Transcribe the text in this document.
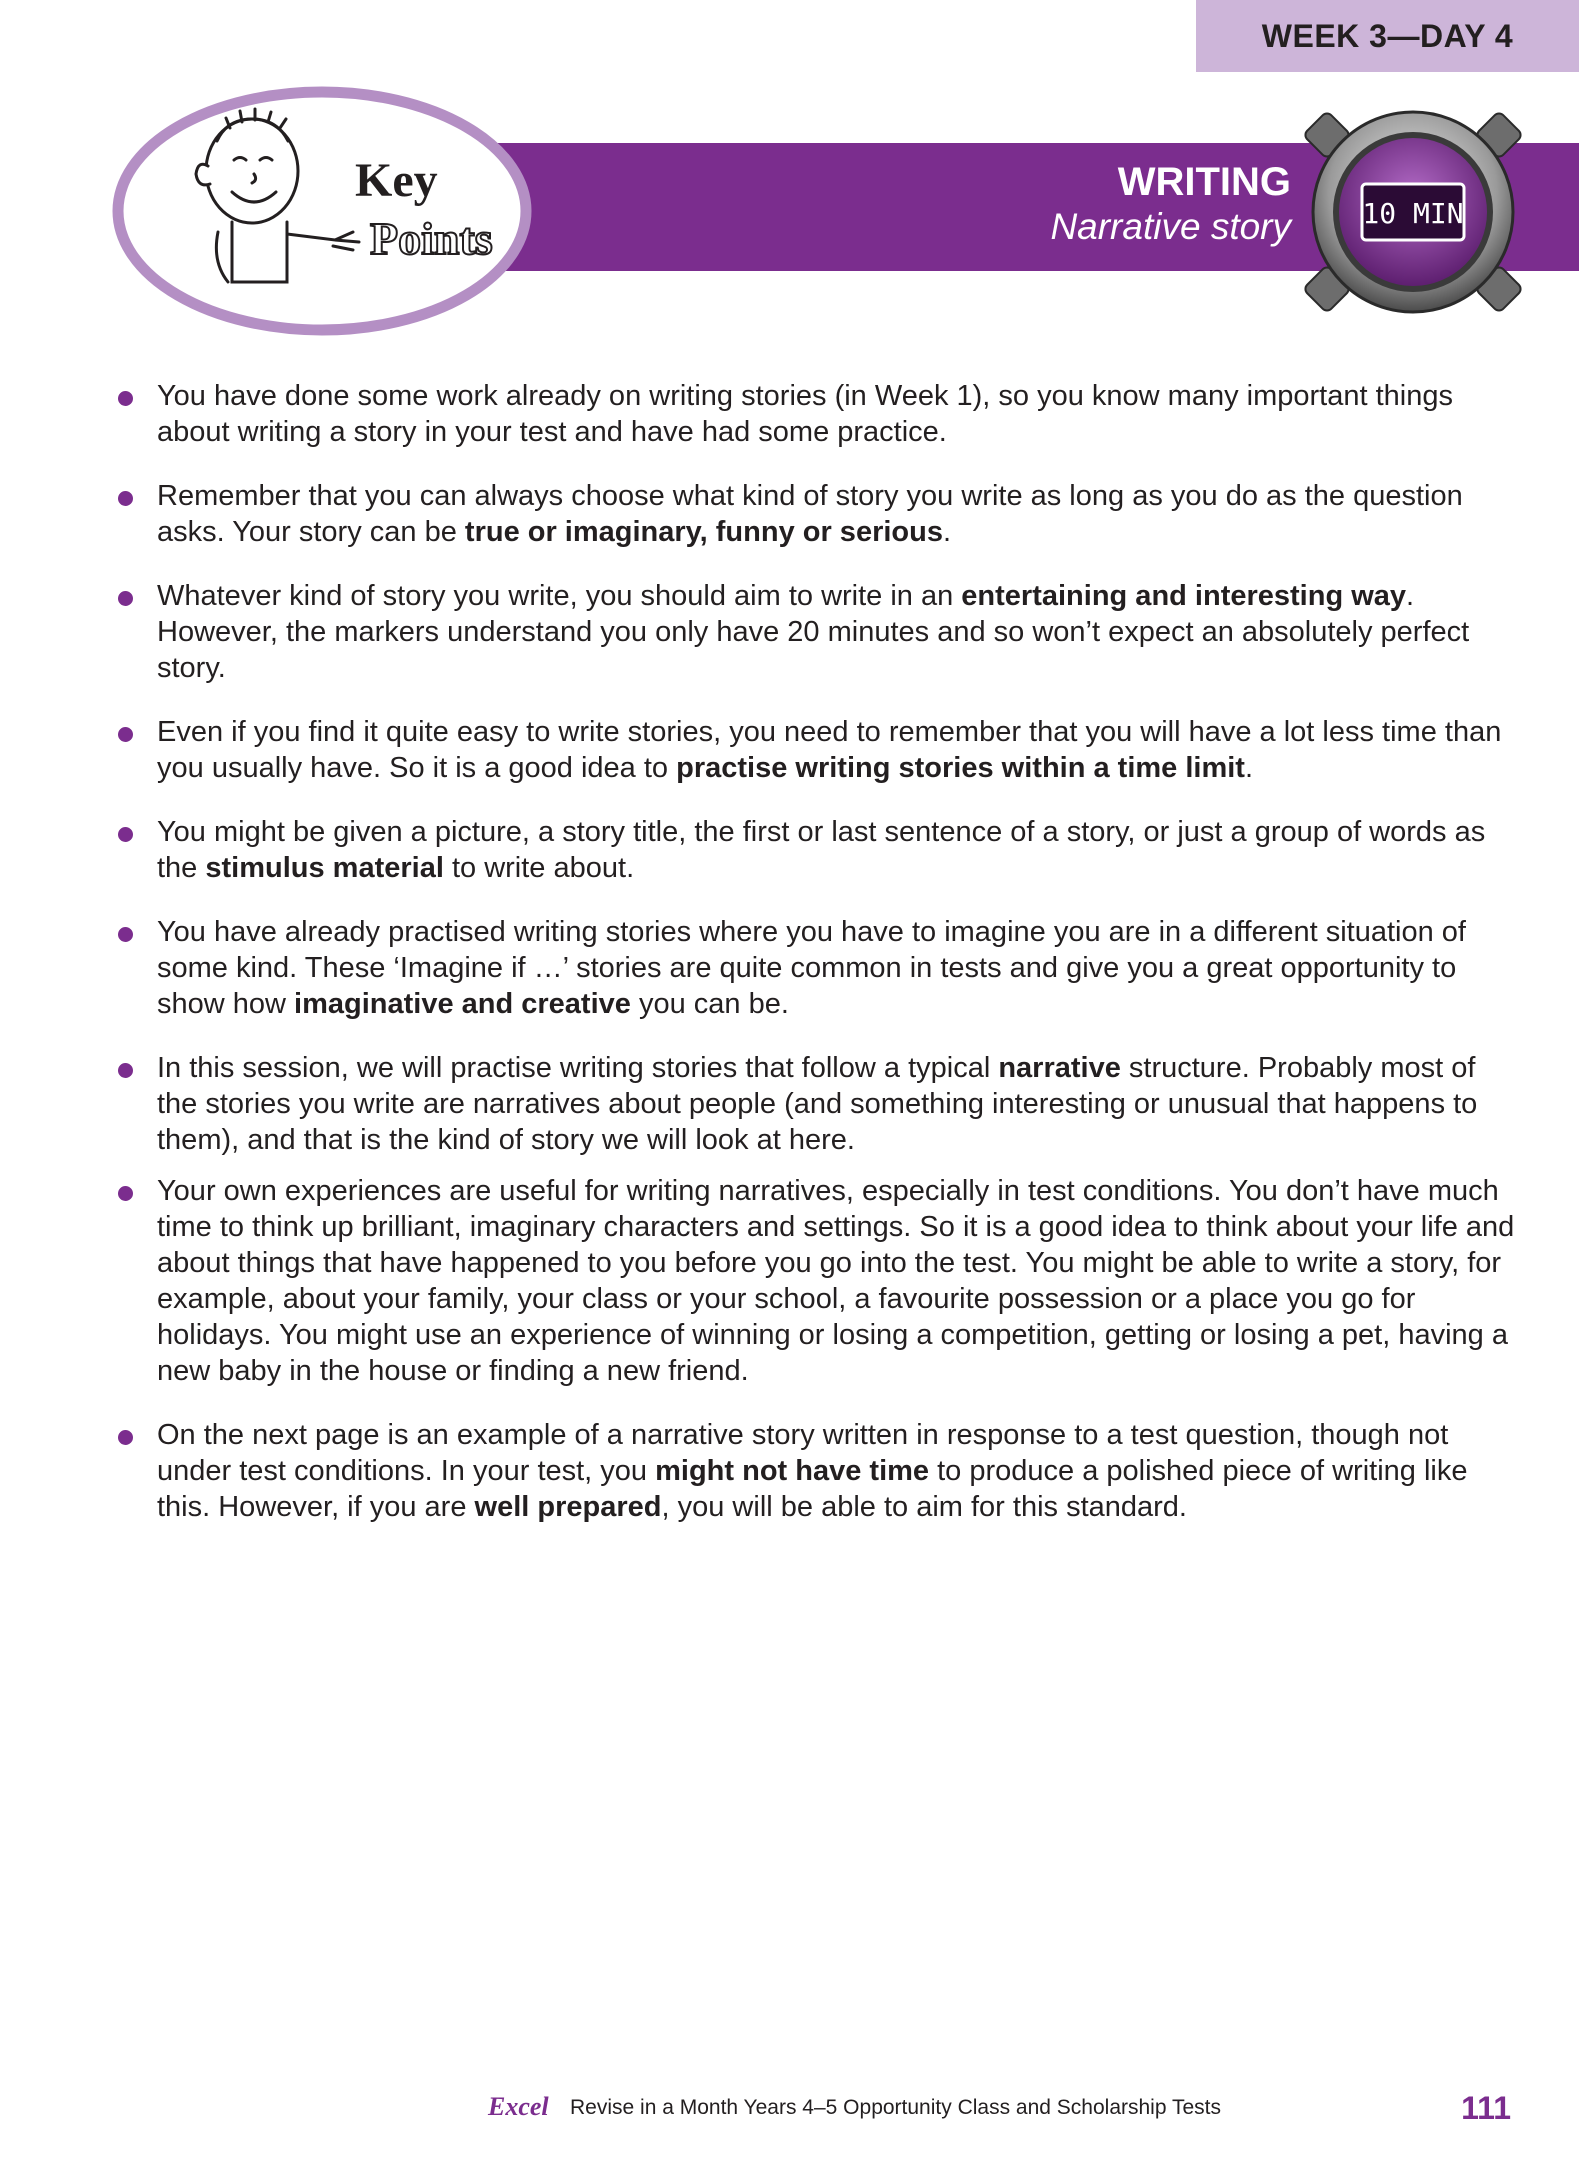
WEEK 3—DAY 4
Key
Points
WRITING
Narrative story	10 MIN
You have done some work already on writing stories (in Week 1), so you know many important things about writing a story in your test and have had some practice.
Remember that you can always choose what kind of story you write as long as you do as the question asks. Your story can be true or imaginary, funny or serious.
Whatever kind of story you write, you should aim to write in an entertaining and interesting way. However, the markers understand you only have 20 minutes and so won’t expect an absolutely perfect story.
Even if you find it quite easy to write stories, you need to remember that you will have a lot less time than you usually have. So it is a good idea to practise writing stories within a time limit.
You might be given a picture, a story title, the first or last sentence of a story, or just a group of words as the stimulus material to write about.
You have already practised writing stories where you have to imagine you are in a different situation of some kind. These ‘Imagine if …’ stories are quite common in tests and give you a great opportunity to show how imaginative and creative you can be.
In this session, we will practise writing stories that follow a typical narrative structure. Probably most of the stories you write are narratives about people (and something interesting or unusual that happens to them), and that is the kind of story we will look at here.
Your own experiences are useful for writing narratives, especially in test conditions. You don’t have much time to think up brilliant, imaginary characters and settings. So it is a good idea to think about your life and about things that have happened to you before you go into the test. You might be able to write a story, for example, about your family, your class or your school, a favourite possession or a place you go for holidays. You might use an experience of winning or losing a competition, getting or losing a pet, having a new baby in the house or finding a new friend.
On the next page is an example of a narrative story written in response to a test question, though not under test conditions. In your test, you might not have time to produce a polished piece of writing like this. However, if you are well prepared, you will be able to aim for this standard.
Excel Revise in a Month Years 4–5 Opportunity Class and Scholarship Tests	111
